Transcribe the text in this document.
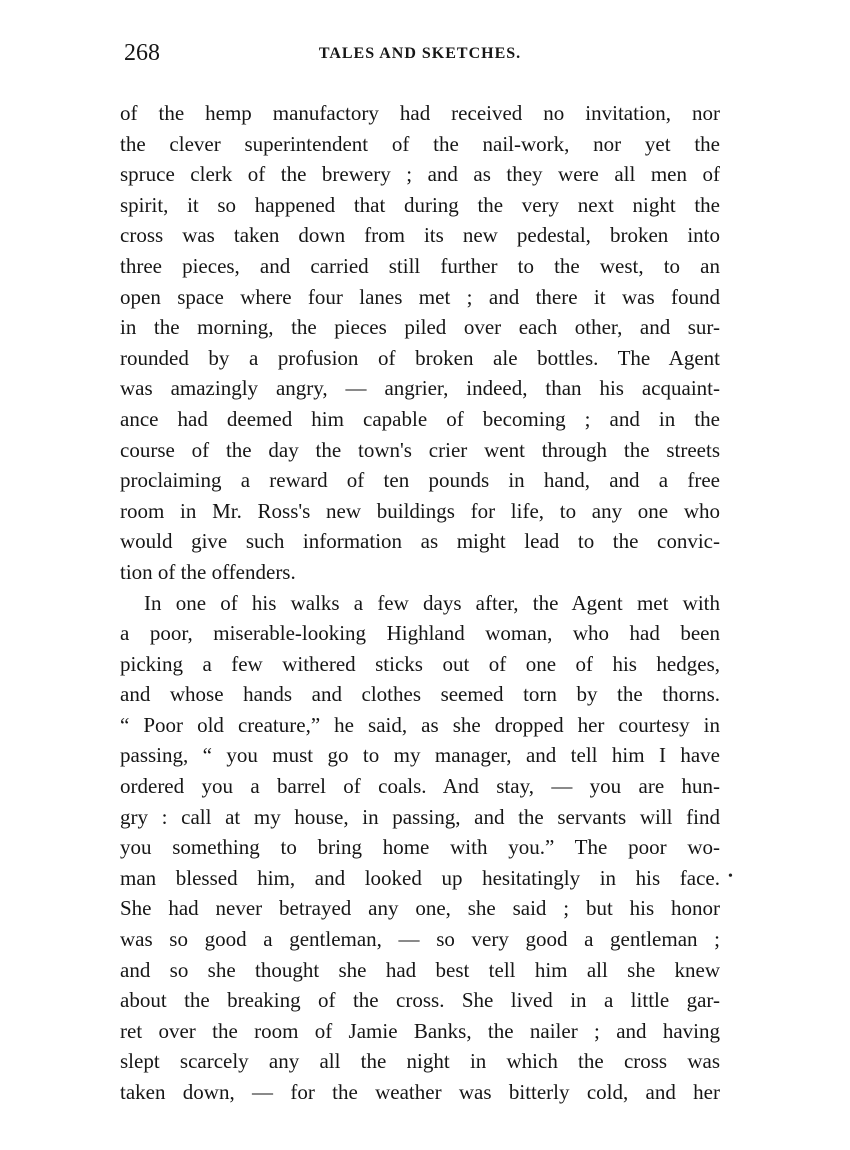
268	TALES AND SKETCHES.
of the hemp manufactory had received no invitation, nor
the clever superintendent of the nail-work, nor yet the
spruce clerk of the brewery ; and as they were all men of
spirit, it so happened that during the very next night the
cross was taken down from its new pedestal, broken into
three pieces, and carried still further to the west, to an
open space where four lanes met ; and there it was found
in the morning, the pieces piled over each other, and sur-
rounded by a profusion of broken ale bottles. The Agent
was amazingly angry, — angrier, indeed, than his acquaint-
ance had deemed him capable of becoming ; and in the
course of the day the town's crier went through the streets
proclaiming a reward of ten pounds in hand, and a free
room in Mr. Ross's new buildings for life, to any one who
would give such information as might lead to the convic-
tion of the offenders.
In one of his walks a few days after, the Agent met with
a poor, miserable-looking Highland woman, who had been
picking a few withered sticks out of one of his hedges,
and whose hands and clothes seemed torn by the thorns.
“ Poor old creature,” he said, as she dropped her courtesy in
passing, “ you must go to my manager, and tell him I have
ordered you a barrel of coals. And stay, — you are hun-
gry : call at my house, in passing, and the servants will find
you something to bring home with you.” The poor wo-
man blessed him, and looked up hesitatingly in his face.
She had never betrayed any one, she said ; but his honor
was so good a gentleman, — so very good a gentleman ;
and so she thought she had best tell him all she knew
about the breaking of the cross. She lived in a little gar-
ret over the room of Jamie Banks, the nailer ; and having
slept scarcely any all the night in which the cross was
taken down, — for the weather was bitterly cold, and her
•
